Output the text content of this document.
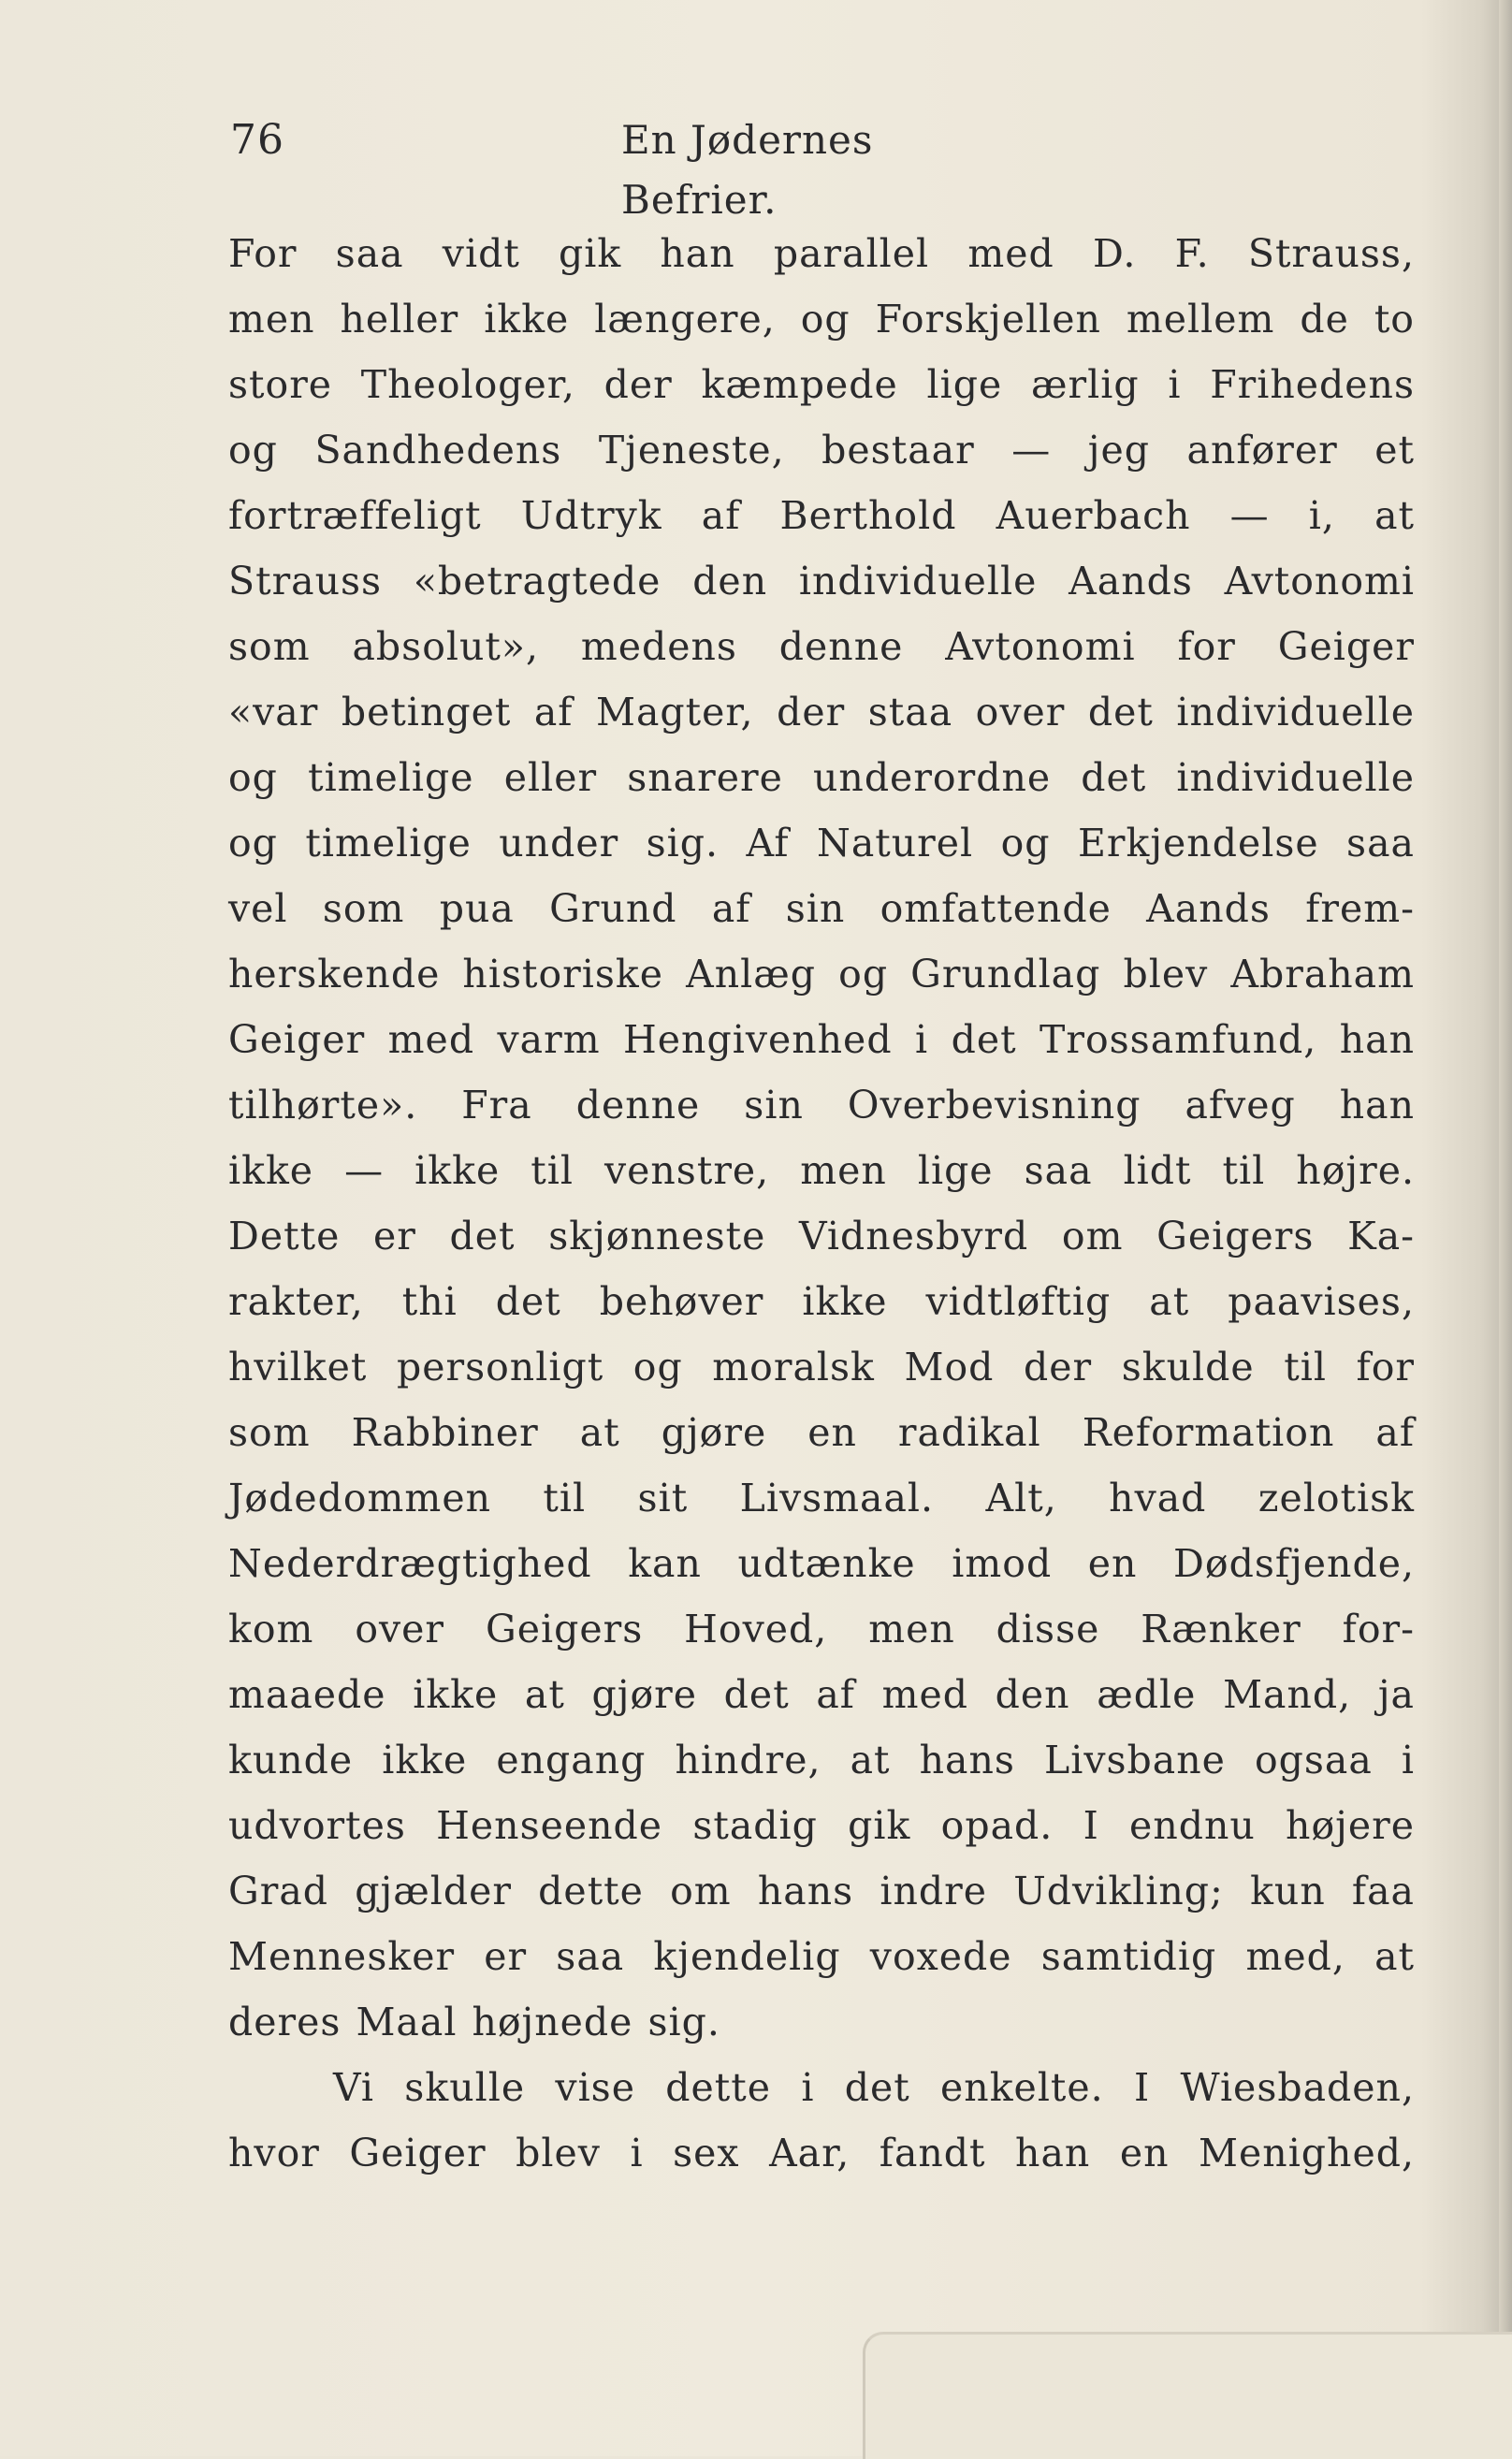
76	En Jødernes Befrier.
For saa vidt gik han parallel med D. F. Strauss,
men heller ikke længere, og Forskjellen mellem de to
store Theologer, der kæmpede lige ærlig i Frihedens
og Sandhedens Tjeneste, bestaar — jeg anfører et
fortræffeligt Udtryk af Berthold Auerbach — i, at
Strauss «betragtede den individuelle Aands Avtonomi
som absolut», medens denne Avtonomi for Geiger
«var betinget af Magter, der staa over det individuelle
og timelige eller snarere underordne det individuelle
og timelige under sig. Af Naturel og Erkjendelse saa
vel som pua Grund af sin omfattende Aands frem-
herskende historiske Anlæg og Grundlag blev Abraham
Geiger med varm Hengivenhed i det Trossamfund, han
tilhørte». Fra denne sin Overbevisning afveg han
ikke — ikke til venstre, men lige saa lidt til højre.
Dette er det skjønneste Vidnesbyrd om Geigers Ka-
rakter, thi det behøver ikke vidtløftig at paavises,
hvilket personligt og moralsk Mod der skulde til for
som Rabbiner at gjøre en radikal Reformation af
Jødedommen til sit Livsmaal. Alt, hvad zelotisk
Nederdrægtighed kan udtænke imod en Dødsfjende,
kom over Geigers Hoved, men disse Rænker for-
maaede ikke at gjøre det af med den ædle Mand, ja
kunde ikke engang hindre, at hans Livsbane ogsaa i
udvortes Henseende stadig gik opad. I endnu højere
Grad gjælder dette om hans indre Udvikling; kun faa
Mennesker er saa kjendelig voxede samtidig med, at
deres Maal højnede sig.
Vi skulle vise dette i det enkelte. I Wiesbaden,
hvor Geiger blev i sex Aar, fandt han en Menighed,
